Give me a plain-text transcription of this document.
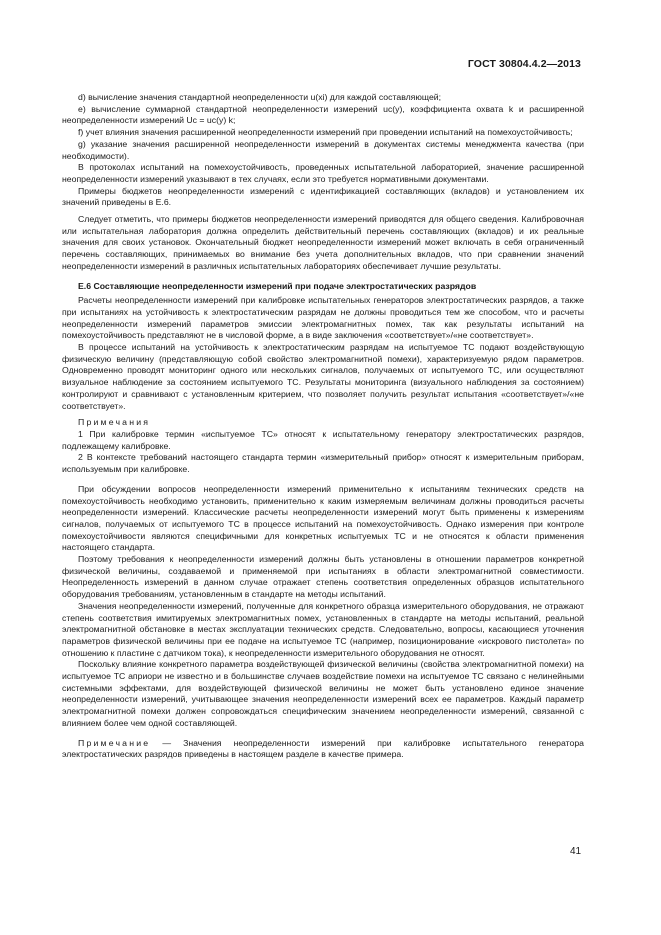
ГОСТ 30804.4.2—2013

d) вычисление значения стандартной неопределенности u(xi) для каждой составляющей;

e) вычисление суммарной стандартной неопределенности измерений uc(y), коэффициента охвата k и расширенной неопределенности измерений Uc = uc(y) k;

f) учет влияния значения расширенной неопределенности измерений при проведении испытаний на помехоустойчивость;

g) указание значения расширенной неопределенности измерений в документах системы менеджмента качества (при необходимости).

В протоколах испытаний на помехоустойчивость, проведенных испытательной лабораторией, значение расширенной неопределенности измерений указывают в тех случаях, если это требуется нормативными документами.

Примеры бюджетов неопределенности измерений с идентификацией составляющих (вкладов) и установлением их значений приведены в Е.6.

Следует отметить, что примеры бюджетов неопределенности измерений приводятся для общего сведения. Калибровочная или испытательная лаборатория должна определить действительный перечень составляющих (вкладов) и их реальные значения для своих установок. Окончательный бюджет неопределенности измерений может включать в себя ограниченный перечень составляющих, принимаемых во внимание без учета дополнительных вкладов, что при сравнении значений неопределенности измерений в различных испытательных лабораториях обеспечивает лучшие результаты.

Е.6 Составляющие неопределенности измерений при подаче электростатических разрядов

Расчеты неопределенности измерений при калибровке испытательных генераторов электростатических разрядов, а также при испытаниях на устойчивость к электростатическим разрядам не должны проводиться тем же способом, что и расчеты неопределенности измерений параметров эмиссии электромагнитных помех, так как результаты испытаний на помехоустойчивость представляют не в числовой форме, а в виде заключения «соответствует»/«не соответствует».

В процессе испытаний на устойчивость к электростатическим разрядам на испытуемое ТС подают воздействующую физическую величину (представляющую собой свойство электромагнитной помехи), характеризуемую рядом параметров. Одновременно проводят мониторинг одного или нескольких сигналов, получаемых от испытуемого ТС, или осуществляют визуальное наблюдение за состоянием испытуемого ТС. Результаты мониторинга (визуального наблюдения за состоянием) контролируют и сравнивают с установленным критерием, что позволяет получить результат испытания «соответствует»/«не соответствует».

Примечания

1 При калибровке термин «испытуемое ТС» относят к испытательному генератору электростатических разрядов, подлежащему калибровке.

2 В контексте требований настоящего стандарта термин «измерительный прибор» относят к измерительным приборам, используемым при калибровке.

При обсуждении вопросов неопределенности измерений применительно к испытаниям технических средств на помехоустойчивость необходимо установить, применительно к каким измеряемым величинам должны проводиться расчеты неопределенности измерений. Классические расчеты неопределенности измерений могут быть применены к измерениям сигналов, получаемых от испытуемого ТС в процессе испытаний на помехоустойчивость. Однако измерения при контроле помехоустойчивости являются специфичными для конкретных испытуемых ТС и не относятся к области применения настоящего стандарта.

Поэтому требования к неопределенности измерений должны быть установлены в отношении параметров конкретной физической величины, создаваемой и применяемой при испытаниях в области электромагнитной совместимости. Неопределенность измерений в данном случае отражает степень соответствия определенных образцов испытательного оборудования требованиям, установленным в стандарте на методы испытаний.

Значения неопределенности измерений, полученные для конкретного образца измерительного оборудования, не отражают степень соответствия имитируемых электромагнитных помех, установленных в стандарте на методы испытаний, реальной электромагнитной обстановке в местах эксплуатации технических средств. Следовательно, вопросы, касающиеся уточнения параметров физической величины при ее подаче на испытуемое ТС (например, позиционирование «искрового пистолета» по отношению к пластине с датчиком тока), к неопределенности измерительного оборудования не относят.

Поскольку влияние конкретного параметра воздействующей физической величины (свойства электромагнитной помехи) на испытуемое ТС априори не известно и в большинстве случаев воздействие помехи на испытуемое ТС связано с нелинейными системными эффектами, для воздействующей физической величины не может быть установлено единое значение неопределенности измерений, учитывающее значения неопределенности измерений всех ее параметров. Каждый параметр электромагнитной помехи должен сопровождаться специфическим значением неопределенности измерений, связанной с влиянием более чем одной составляющей.

Примечание — Значения неопределенности измерений при калибровке испытательного генератора электростатических разрядов приведены в настоящем разделе в качестве примера.

41
